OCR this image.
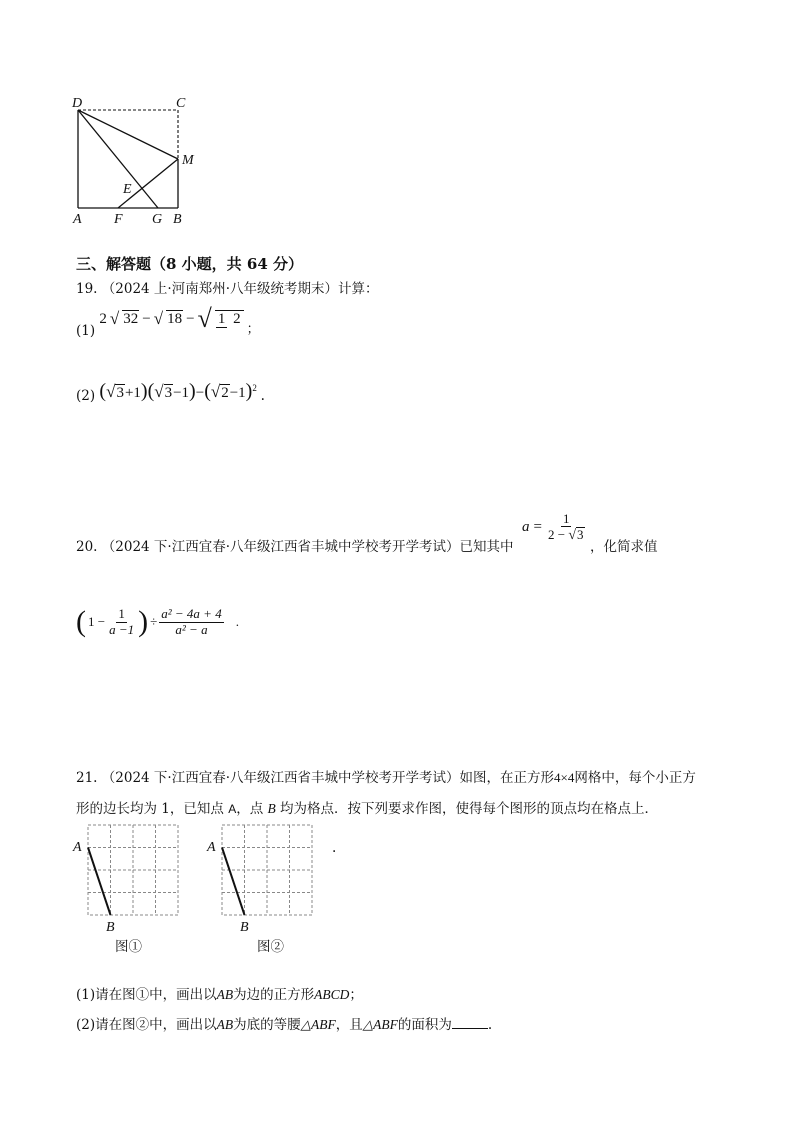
D	C
M
E
A F G B
三、解答题（8 小题，共 64 分）
19. （2024 上·河南郑州·八年级统考期末）计算：
(1)
2 √ 32 − √ 18 − √ 1 2
；
(2) $(√3+1)(√3-1)-(√2-1)^2$ .
20. （2024 下·江西宜春·八年级江西省丰城中学校考开学考试）已知其中
$a = \frac{1}{2 - √3}$
，化简求值
( $1 - \frac{1}{a -1}$ ) ÷ $\frac{\text{a² − 4a + 4}}{\text{a² − a}}$ .
21. （2024 下·江西宜春·八年级江西省丰城中学校考开学考试）如图，在正方形4×4网格中，每个小正方
形的边长均为 1，已知点 A，点 B 均为格点．按下列要求作图，使得每个图形的顶点均在格点上．
A
B
图①
A
B
图②
.
(1)请在图①中，画出以AB为边的正方形ABCD；
(2)请在图②中，画出以AB为底的等腰△ABF，且△ABF的面积为	.
